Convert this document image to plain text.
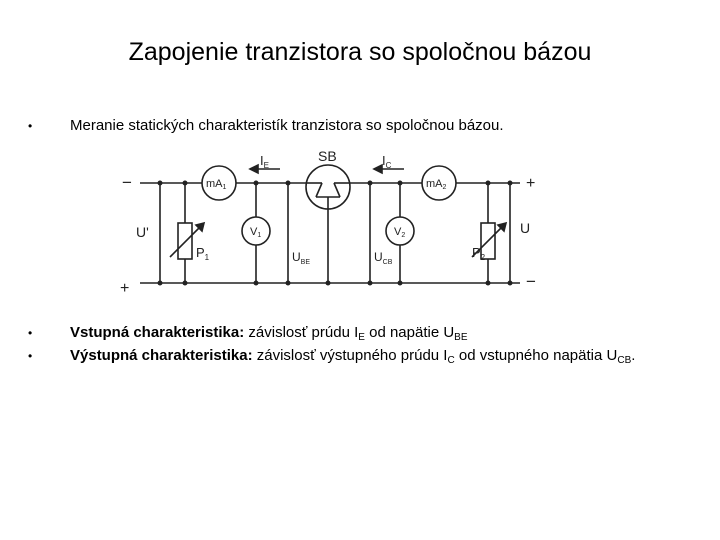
Zapojenie tranzistora so spoločnou bázou
•	Meranie statických charakteristík tranzistora so spoločnou bázou.
SB
$I_E$	$I_C$
mA1	mA2
V1	V2
$P_1$	$P_2$
U'	U
$U_{BE}$	$U_{CB}$
−
+
+
−
•	Vstupná charakteristika: závislosť prúdu $I_E$ od napätie $U_{BE}$
•	Výstupná charakteristika: závislosť výstupného prúdu $I_C$ od vstupného napätia $U_{CB}$.
